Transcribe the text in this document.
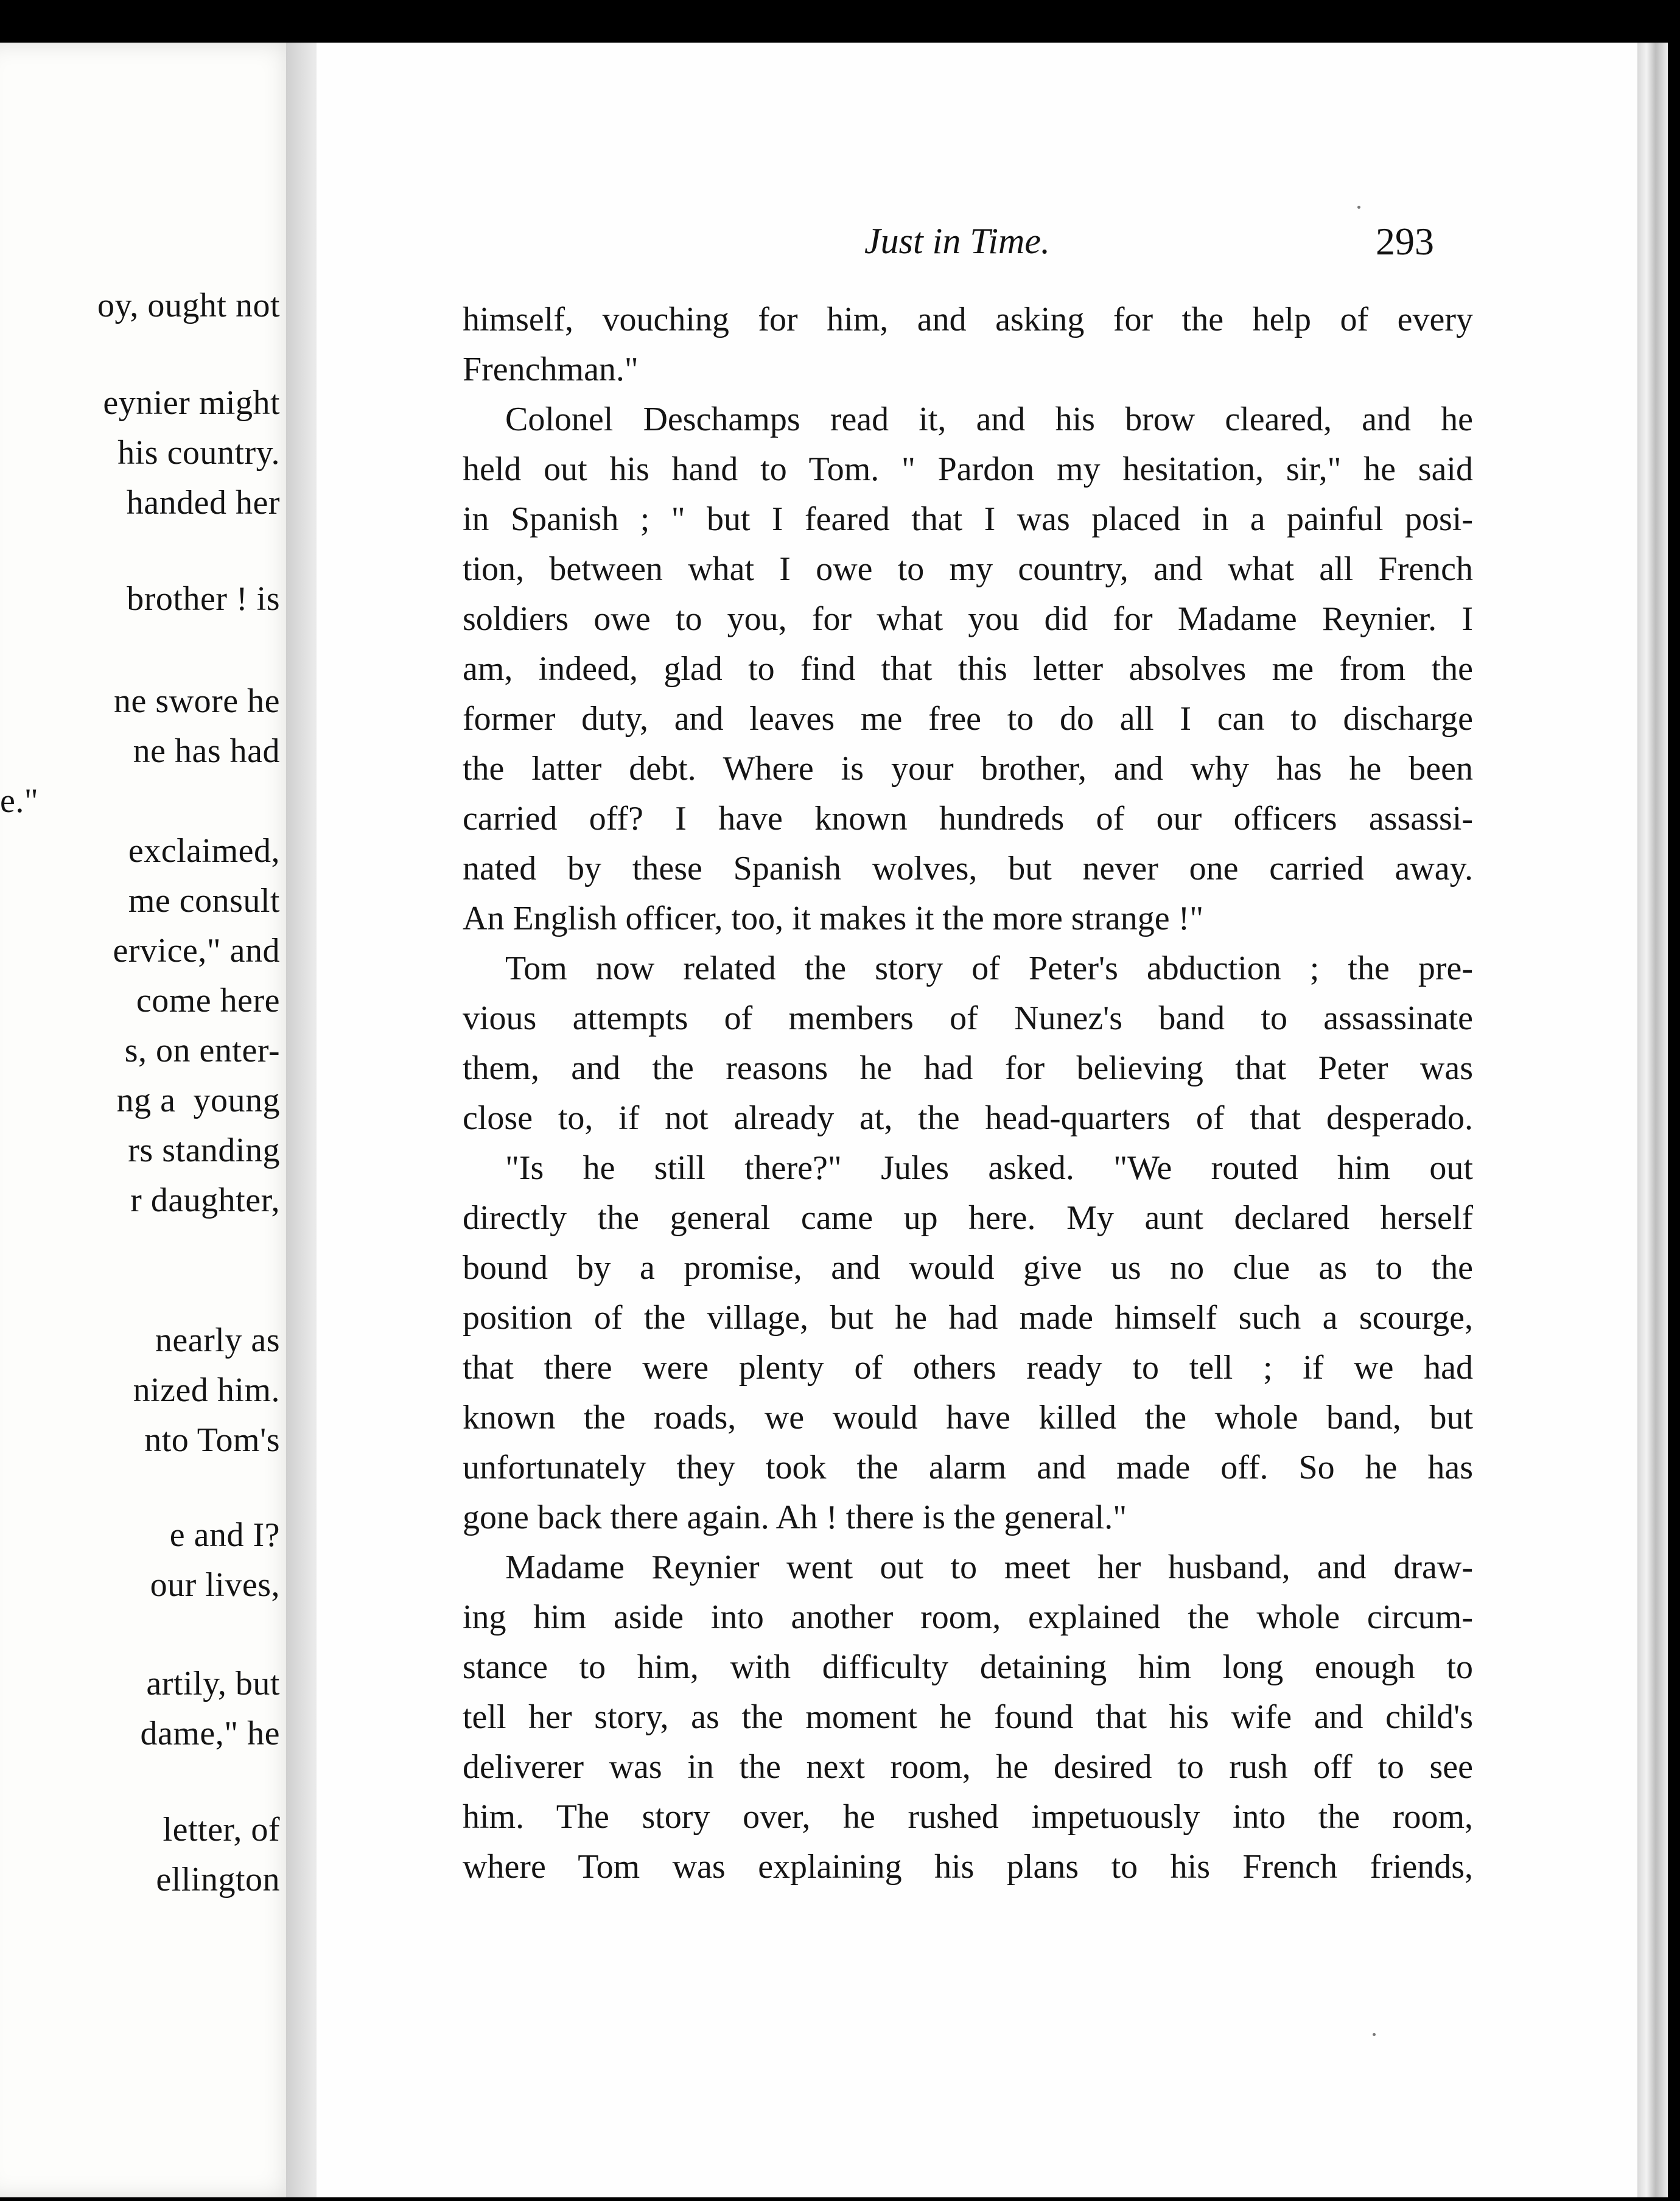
oy, ought not
eynier might
his country.
handed her
brother ! is
ne swore he
ne has had
e."
exclaimed,
me consult
ervice," and
come here
s, on enter-
ng a  young
rs standing
r daughter,
nearly as
nized him.
nto Tom's
e and I?
our lives,
artily, but
dame," he
letter, of
ellington
Just in Time.	293
himself, vouching for him, and asking for the help of every
Frenchman."
Colonel Deschamps read it, and his brow cleared, and he
held out his hand to Tom. " Pardon my hesitation, sir," he said
in Spanish ; " but I feared that I was placed in a painful posi-
tion, between what I owe to my country, and what all French
soldiers owe to you, for what you did for Madame Reynier. I
am, indeed, glad to find that this letter absolves me from the
former duty, and leaves me free to do all I can to discharge
the latter debt. Where is your brother, and why has he been
carried off? I have known hundreds of our officers assassi-
nated by these Spanish wolves, but never one carried away.
An English officer, too, it makes it the more strange !"
Tom now related the story of Peter's abduction ; the pre-
vious attempts of members of Nunez's band to assassinate
them, and the reasons he had for believing that Peter was
close to, if not already at, the head-quarters of that desperado.
"Is he still there?" Jules asked. "We routed him out
directly the general came up here. My aunt declared herself
bound by a promise, and would give us no clue as to the
position of the village, but he had made himself such a scourge,
that there were plenty of others ready to tell ; if we had
known the roads, we would have killed the whole band, but
unfortunately they took the alarm and made off. So he has
gone back there again. Ah ! there is the general."
Madame Reynier went out to meet her husband, and draw-
ing him aside into another room, explained the whole circum-
stance to him, with difficulty detaining him long enough to
tell her story, as the moment he found that his wife and child's
deliverer was in the next room, he desired to rush off to see
him. The story over, he rushed impetuously into the room,
where Tom was explaining his plans to his French friends,
